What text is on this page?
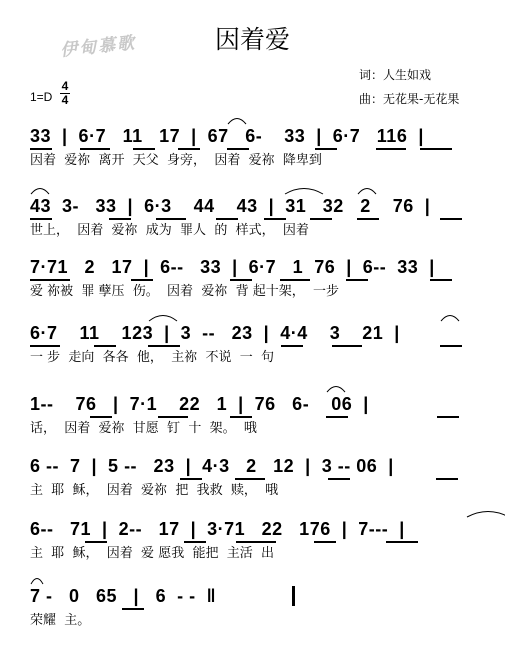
伊甸慕歌	因着爱
词：人生如戏
曲：无花果-无花果
1=D
4
4
33  |  6·7   11   17  |  67   6-    33  |  6·7   116  |
因着  爱祢  离开  天父  身旁，  因着  爱祢  降卑到
43  3-   33  |  6·3    44    43  |  31   32   2    76  |
世上，  因着  爱祢  成为  罪人  的  样式，  因着
7·71   2   17  |  6--   33  |  6·7   1  76  |  6--  33  |
爱 祢被  罪 孽压  伤。  因着  爱祢  背 起十架，  一步
6·7    11    123  |  3  --   23  |  4·4    3    21  |
一 步  走向  各各  他，  主祢  不说  一  句
1--    76   |  7·1    22   1  |  76   6-    06  |
话，  因着  爱祢  甘愿  钉  十  架。  哦
6 --  7  |  5 --   23  |  4·3   2   12  |  3 -- 06  |
主  耶  稣，  因着  爱祢  把  我救  赎，  哦
6--   71  |  2--   17  |  3·71   22   176  |  7---  |
主  耶  稣，  因着  爱 愿我  能把  主活  出
7 -   0   65   |   6  - -  ‖
荣耀  主。
